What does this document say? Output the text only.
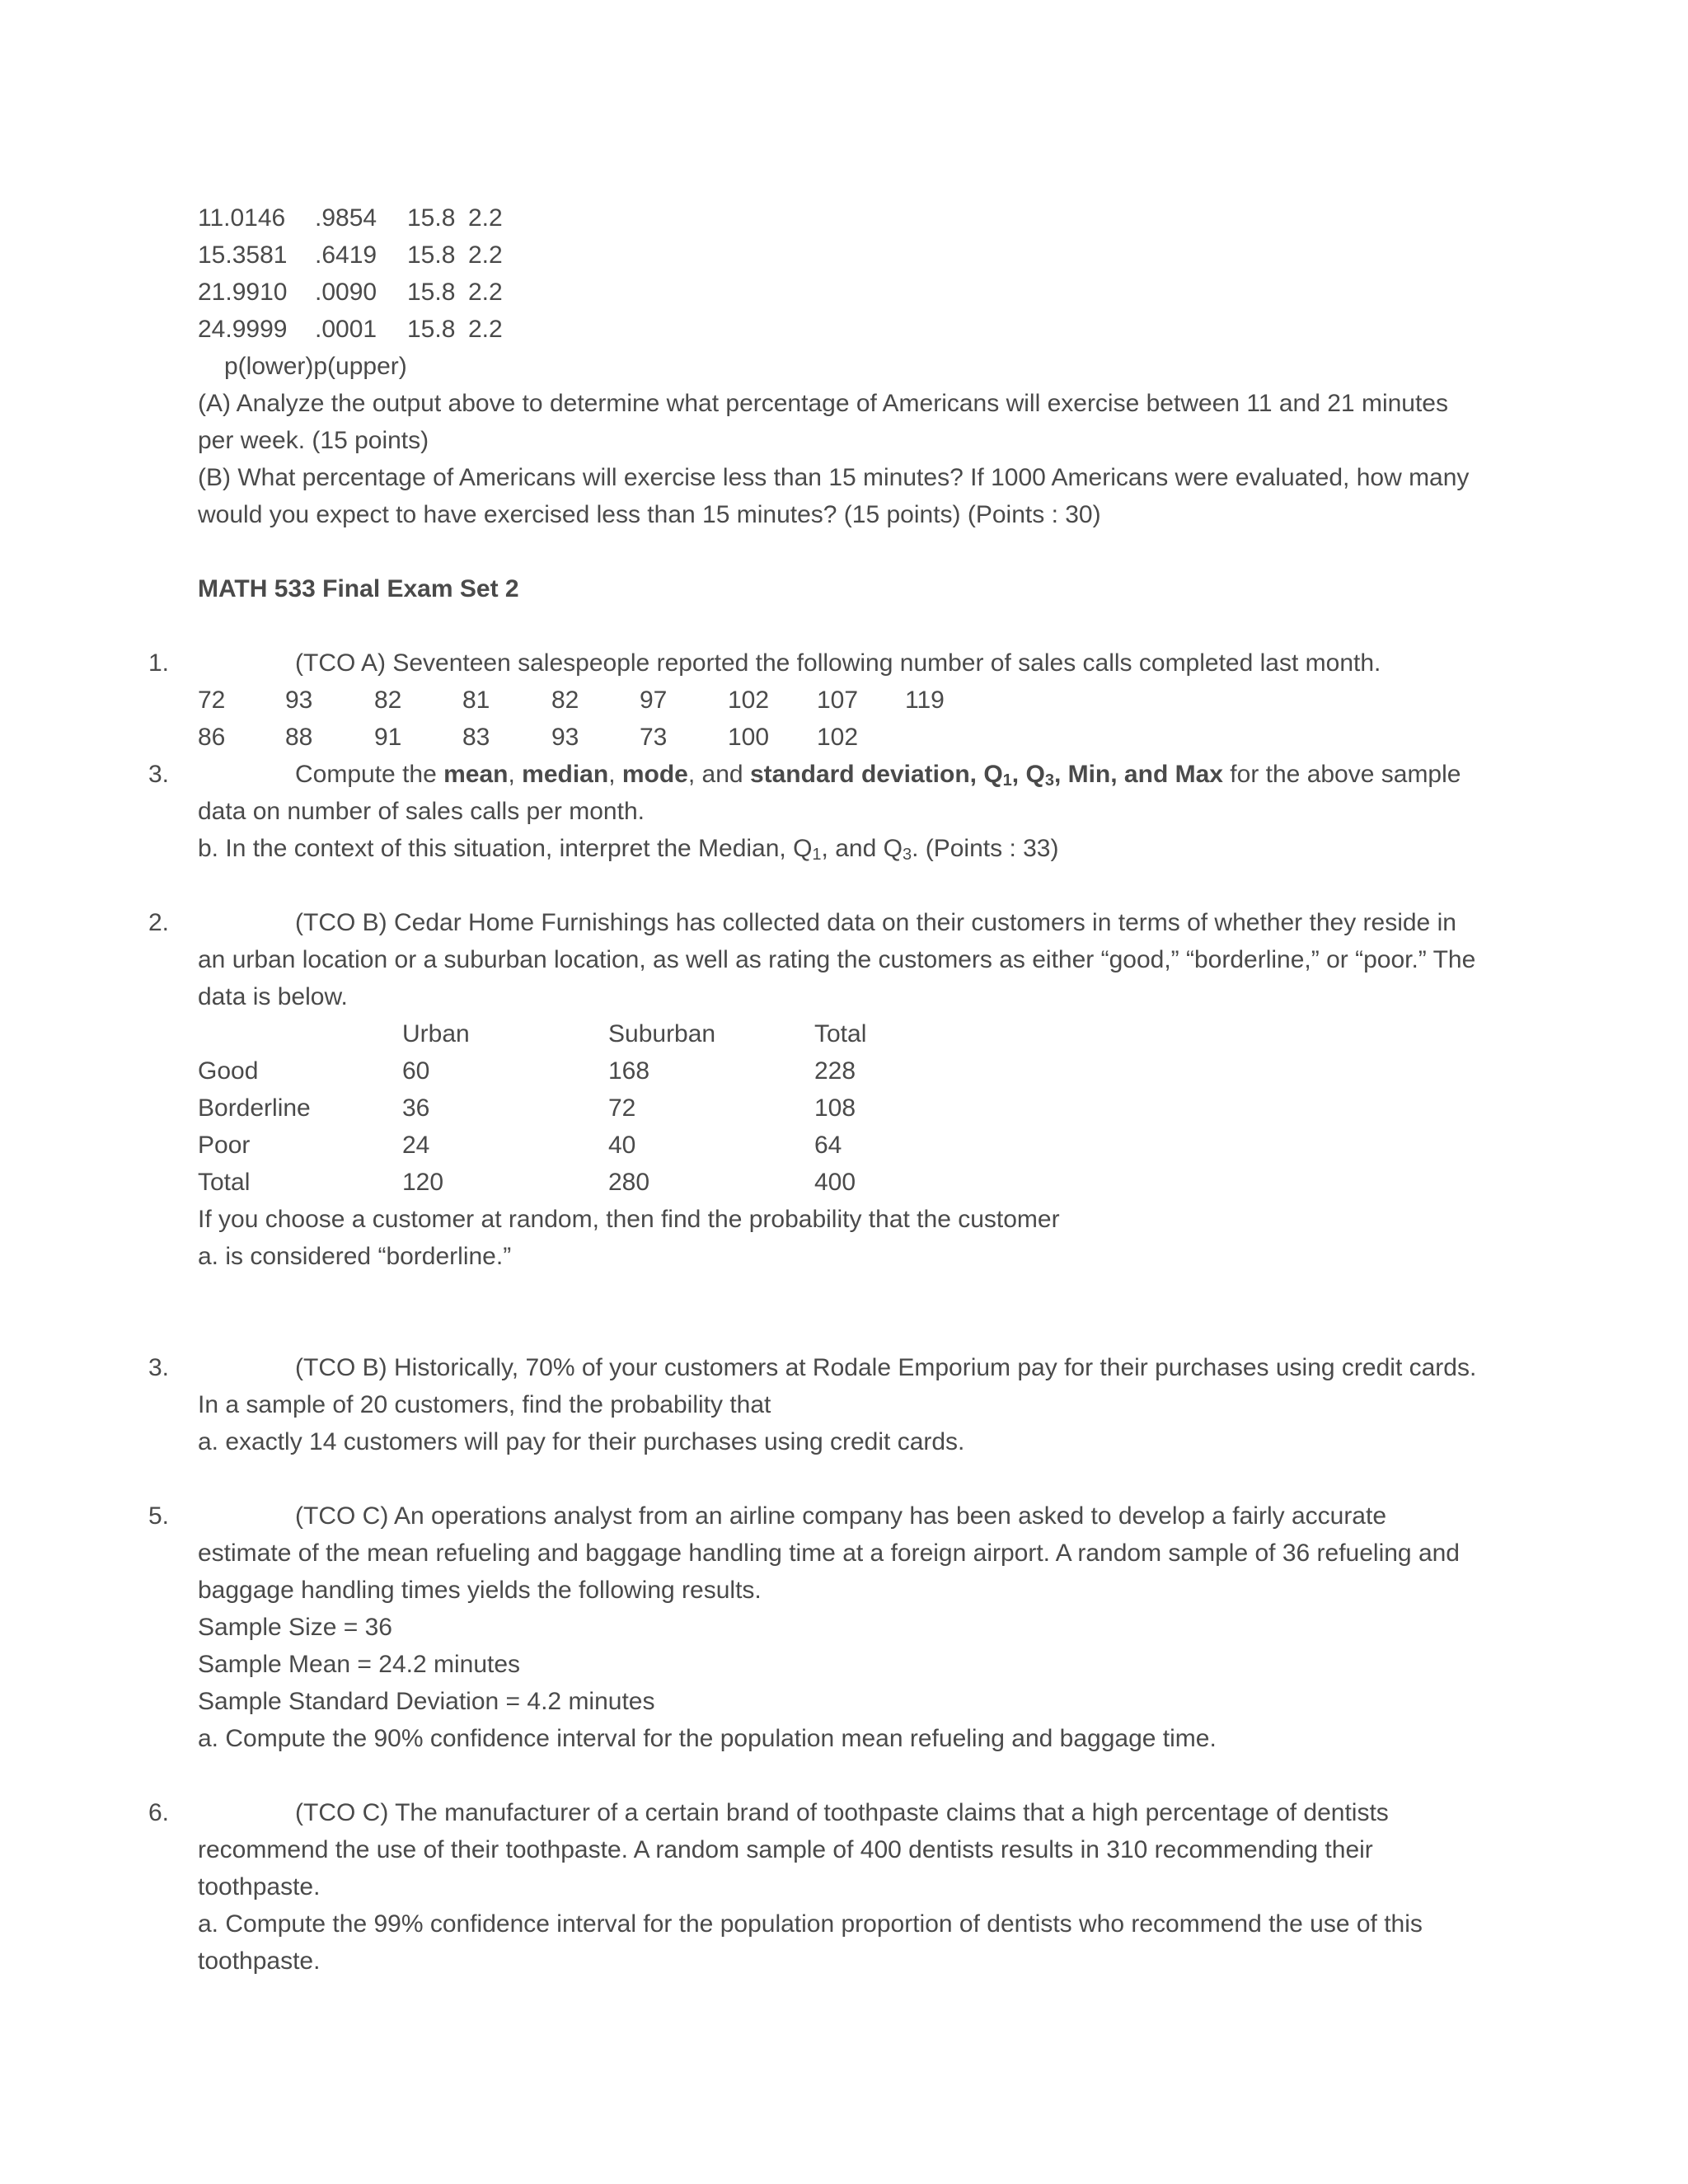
11.0146 .9854 15.8 2.2
15.3581 .6419 15.8 2.2
21.9910 .0090 15.8 2.2
24.9999 .0001 15.8 2.2
p(lower)p(upper)
(A) Analyze the output above to determine what percentage of Americans will exercise between 11 and 21 minutes
per week. (15 points)
(B) What percentage of Americans will exercise less than 15 minutes? If 1000 Americans were evaluated, how many
would you expect to have exercised less than 15 minutes? (15 points) (Points : 30)
MATH 533 Final Exam Set 2
1.	(TCO A) Seventeen salespeople reported the following number of sales calls completed last month.
72 93 82 81 82 97 102 107 119
86 88 91 83 93 73 100 102
3.	Compute the mean, median, mode, and standard deviation, $Q_1$, $Q_3$, Min, and Max for the above sample
data on number of sales calls per month.
b. In the context of this situation, interpret the Median, $Q_1$, and $Q_3$. (Points : 33)
2.	(TCO B) Cedar Home Furnishings has collected data on their customers in terms of whether they reside in
an urban location or a suburban location, as well as rating the customers as either “good,” “borderline,” or “poor.” The
data is below.
Urban	Suburban	Total
Good	60	168	228
Borderline	36	72	108
Poor	24	40	64
Total	120	280	400
If you choose a customer at random, then find the probability that the customer
a. is considered “borderline.”
3.	(TCO B) Historically, 70% of your customers at Rodale Emporium pay for their purchases using credit cards.
In a sample of 20 customers, find the probability that
a. exactly 14 customers will pay for their purchases using credit cards.
5.	(TCO C) An operations analyst from an airline company has been asked to develop a fairly accurate
estimate of the mean refueling and baggage handling time at a foreign airport. A random sample of 36 refueling and
baggage handling times yields the following results.
Sample Size = 36
Sample Mean = 24.2 minutes
Sample Standard Deviation = 4.2 minutes
a. Compute the 90% confidence interval for the population mean refueling and baggage time.
6.	(TCO C) The manufacturer of a certain brand of toothpaste claims that a high percentage of dentists
recommend the use of their toothpaste. A random sample of 400 dentists results in 310 recommending their
toothpaste.
a. Compute the 99% confidence interval for the population proportion of dentists who recommend the use of this
toothpaste.
